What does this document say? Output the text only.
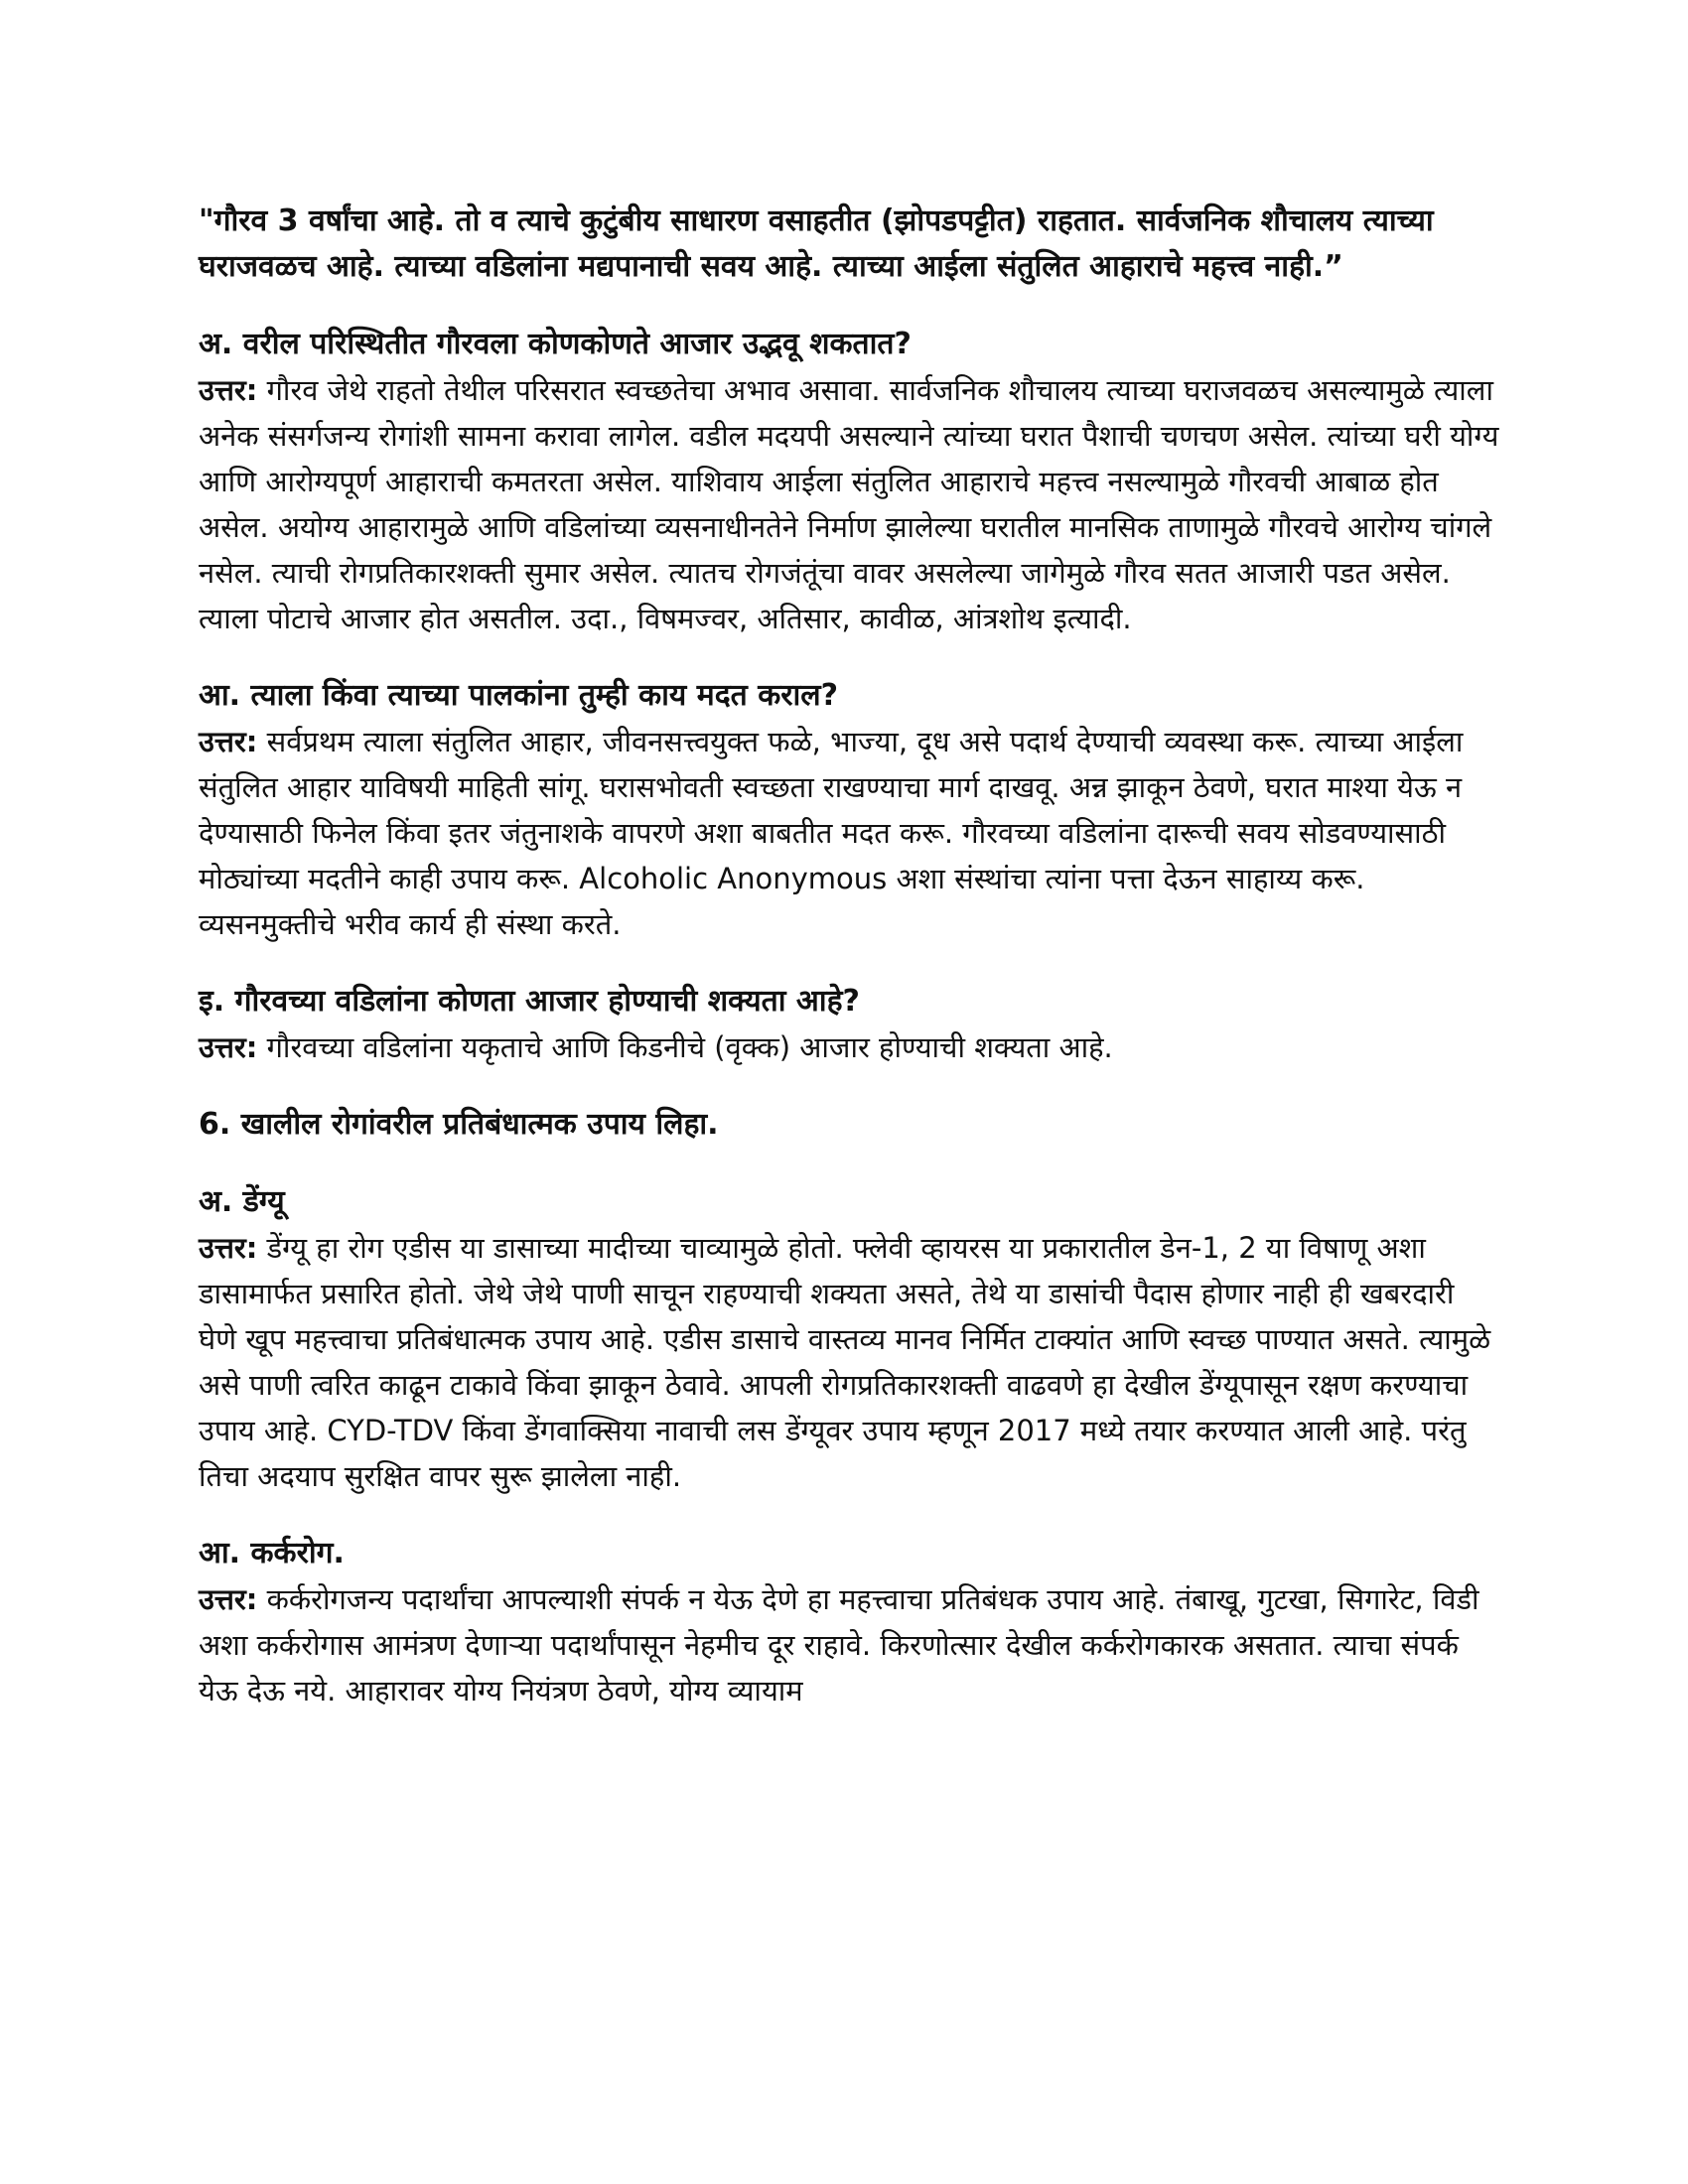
"गौरव 3 वर्षांचा आहे. तो व त्याचे कुटुंबीय साधारण वसाहतीत (झोपडपट्टीत) राहतात. सार्वजनिक शौचालय त्याच्या घराजवळच आहे. त्याच्या वडिलांना मद्यपानाची सवय आहे. त्याच्या आईला संतुलित आहाराचे महत्त्व नाही.”

अ. वरील परिस्थितीत गौरवला कोणकोणते आजार उद्भवू शकतात?

उत्तर: गौरव जेथे राहतो तेथील परिसरात स्वच्छतेचा अभाव असावा. सार्वजनिक शौचालय त्याच्या घराजवळच असल्यामुळे त्याला अनेक संसर्गजन्य रोगांशी सामना करावा लागेल. वडील मदयपी असल्याने त्यांच्या घरात पैशाची चणचण असेल. त्यांच्या घरी योग्य आणि आरोग्यपूर्ण आहाराची कमतरता असेल. याशिवाय आईला संतुलित आहाराचे महत्त्व नसल्यामुळे गौरवची आबाळ होत असेल. अयोग्य आहारामुळे आणि वडिलांच्या व्यसनाधीनतेने निर्माण झालेल्या घरातील मानसिक ताणामुळे गौरवचे आरोग्य चांगले नसेल. त्याची रोगप्रतिकारशक्ती सुमार असेल. त्यातच रोगजंतूंचा वावर असलेल्या जागेमुळे गौरव सतत आजारी पडत असेल. त्याला पोटाचे आजार होत असतील. उदा., विषमज्वर, अतिसार, कावीळ, आंत्रशोथ इत्यादी.

आ. त्याला किंवा त्याच्या पालकांना तुम्ही काय मदत कराल?

उत्तर: सर्वप्रथम त्याला संतुलित आहार, जीवनसत्त्वयुक्त फळे, भाज्या, दूध असे पदार्थ देण्याची व्यवस्था करू. त्याच्या आईला संतुलित आहार याविषयी माहिती सांगू. घरासभोवती स्वच्छता राखण्याचा मार्ग दाखवू. अन्न झाकून ठेवणे, घरात माश्या येऊ न देण्यासाठी फिनेल किंवा इतर जंतुनाशके वापरणे अशा बाबतीत मदत करू. गौरवच्या वडिलांना दारूची सवय सोडवण्यासाठी मोठ्यांच्या मदतीने काही उपाय करू. Alcoholic Anonymous अशा संस्थांचा त्यांना पत्ता देऊन साहाय्य करू. व्यसनमुक्तीचे भरीव कार्य ही संस्था करते.

इ. गौरवच्या वडिलांना कोणता आजार होण्याची शक्यता आहे?

उत्तर: गौरवच्या वडिलांना यकृताचे आणि किडनीचे (वृक्क) आजार होण्याची शक्यता आहे.

6. खालील रोगांवरील प्रतिबंधात्मक उपाय लिहा.

अ. डेंग्यू

उत्तर: डेंग्यू हा रोग एडीस या डासाच्या मादीच्या चाव्यामुळे होतो. फ्लेवी व्हायरस या प्रकारातील डेन-1, 2 या विषाणू अशा डासामार्फत प्रसारित होतो. जेथे जेथे पाणी साचून राहण्याची शक्यता असते, तेथे या डासांची पैदास होणार नाही ही खबरदारी घेणे खूप महत्त्वाचा प्रतिबंधात्मक उपाय आहे. एडीस डासाचे वास्तव्य मानव निर्मित टाक्यांत आणि स्वच्छ पाण्यात असते. त्यामुळे असे पाणी त्वरित काढून टाकावे किंवा झाकून ठेवावे. आपली रोगप्रतिकारशक्ती वाढवणे हा देखील डेंग्यूपासून रक्षण करण्याचा उपाय आहे. CYD-TDV किंवा डेंगवाक्सिया नावाची लस डेंग्यूवर उपाय म्हणून 2017 मध्ये तयार करण्यात आली आहे. परंतु तिचा अदयाप सुरक्षित वापर सुरू झालेला नाही.

आ. कर्करोग.

उत्तर: कर्करोगजन्य पदार्थांचा आपल्याशी संपर्क न येऊ देणे हा महत्त्वाचा प्रतिबंधक उपाय आहे. तंबाखू, गुटखा, सिगारेट, विडी अशा कर्करोगास आमंत्रण देणाऱ्या पदार्थांपासून नेहमीच दूर राहावे. किरणोत्सार देखील कर्करोगकारक असतात. त्याचा संपर्क येऊ देऊ नये. आहारावर योग्य नियंत्रण ठेवणे, योग्य व्यायाम
